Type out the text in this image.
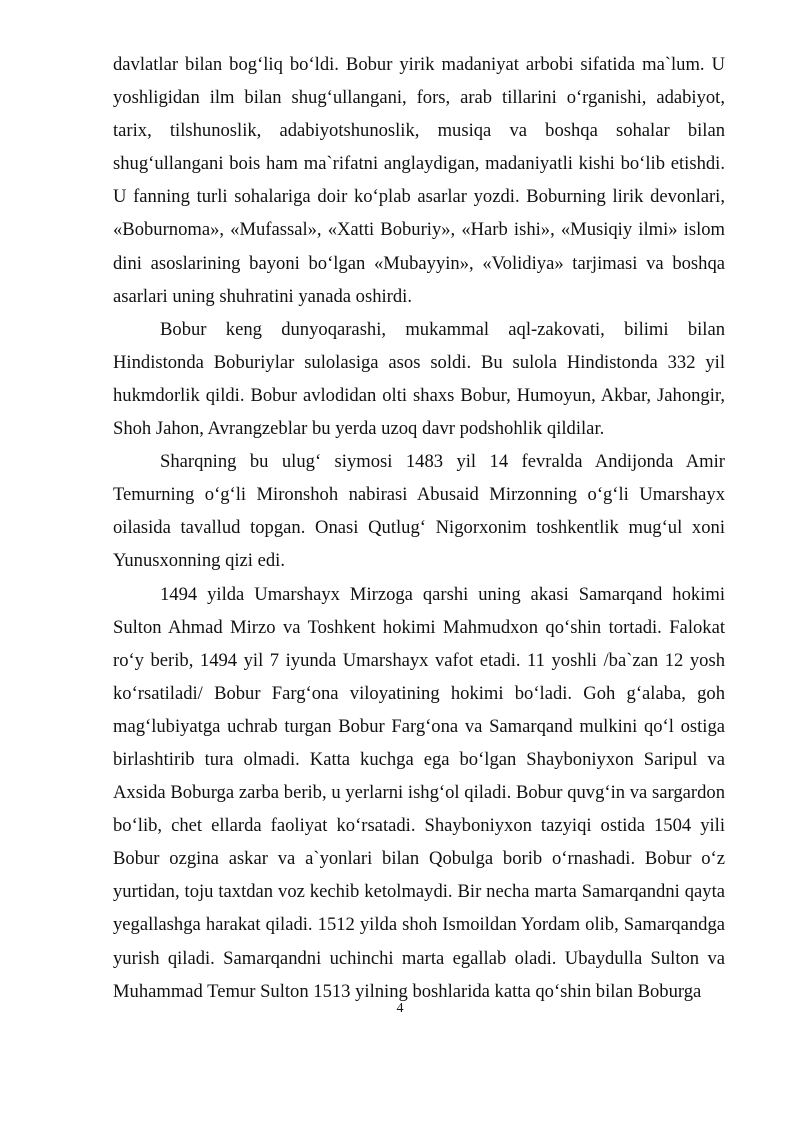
davlatlar bilan bog‘liq bo‘ldi. Bobur yirik madaniyat arbobi sifatida ma`lum. U yoshligidan ilm bilan shug‘ullangani, fors, arab tillarini o‘rganishi, adabiyot, tarix, tilshunoslik, adabiyotshunoslik, musiqa va boshqa sohalar bilan shug‘ullangani bois ham ma`rifatni anglaydigan, madaniyatli kishi bo‘lib etishdi. U fanning turli sohalariga doir ko‘plab asarlar yozdi. Boburning lirik devonlari, «Boburnoma», «Mufassal», «Xatti Boburiy», «Harb ishi», «Musiqiy ilmi» islom dini asoslarining bayoni bo‘lgan «Mubayyin», «Volidiya» tarjimasi va boshqa asarlari uning shuhratini yanada oshirdi.

Bobur keng dunyoqarashi, mukammal aql-zakovati, bilimi bilan Hindistonda Boburiylar sulolasiga asos soldi. Bu sulola Hindistonda 332 yil hukmdorlik qildi. Bobur avlodidan olti shaxs Bobur, Humoyun, Akbar, Jahongir, Shoh Jahon, Avrangzeblar bu yerda uzoq davr podshohlik qildilar.

Sharqning bu ulug‘ siymosi 1483 yil 14 fevralda Andijonda Amir Temurning o‘g‘li Mironshoh nabirasi Abusaid Mirzonning o‘g‘li Umarshayx oilasida tavallud topgan. Onasi Qutlug‘ Nigorxonim toshkentlik mug‘ul xoni Yunusxonning qizi edi.

1494 yilda Umarshayx Mirzoga qarshi uning akasi Samarqand hokimi Sulton Ahmad Mirzo va Toshkent hokimi Mahmudxon qo‘shin tortadi. Falokat ro‘y berib, 1494 yil 7 iyunda Umarshayx vafot etadi. 11 yoshli /ba`zan 12 yosh ko‘rsatiladi/ Bobur Farg‘ona viloyatining hokimi bo‘ladi. Goh g‘alaba, goh mag‘lubiyatga uchrab turgan Bobur Farg‘ona va Samarqand mulkini qo‘l ostiga birlashtirib tura olmadi. Katta kuchga ega bo‘lgan Shayboniyxon Saripul va Axsida Boburga zarba berib, u yerlarni ishg‘ol qiladi. Bobur quvg‘in va sargardon bo‘lib, chet ellarda faoliyat ko‘rsatadi. Shayboniyxon tazyiqi ostida 1504 yili Bobur ozgina askar va a`yonlari bilan Qobulga borib o‘rnashadi. Bobur o‘z yurtidan, toju taxtdan voz kechib ketolmaydi. Bir necha marta Samarqandni qayta yegallashga harakat qiladi. 1512 yilda shoh Ismoildan Yordam olib, Samarqandga yurish qiladi. Samarqandni uchinchi marta egallab oladi. Ubaydulla Sulton va Muhammad Temur Sulton 1513 yilning boshlarida katta qo‘shin bilan Boburga

4
